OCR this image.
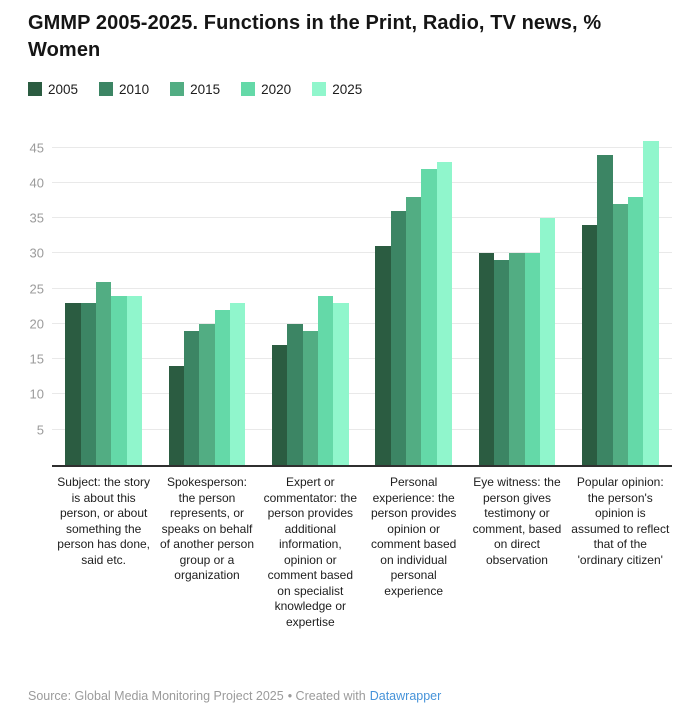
GMMP 2005-2025. Functions in the Print, Radio, TV news, % Women
2005	2010	2015	2020	2025
5
10
15
20
25
30
35
40
45
Subject: the story is about this person, or about something the person has done, said etc.
Spokesperson: the person represents, or speaks on behalf of another person group or a organization
Expert or commentator: the person provides additional information, opinion or comment based on specialist knowledge or expertise
Personal experience: the person provides opinion or comment based on individual personal experience
Eye witness: the person gives testimony or comment, based on direct observation
Popular opinion: the person's opinion is assumed to reflect that of the 'ordinary citizen'
Source: Global Media Monitoring Project 2025 • Created with Datawrapper
